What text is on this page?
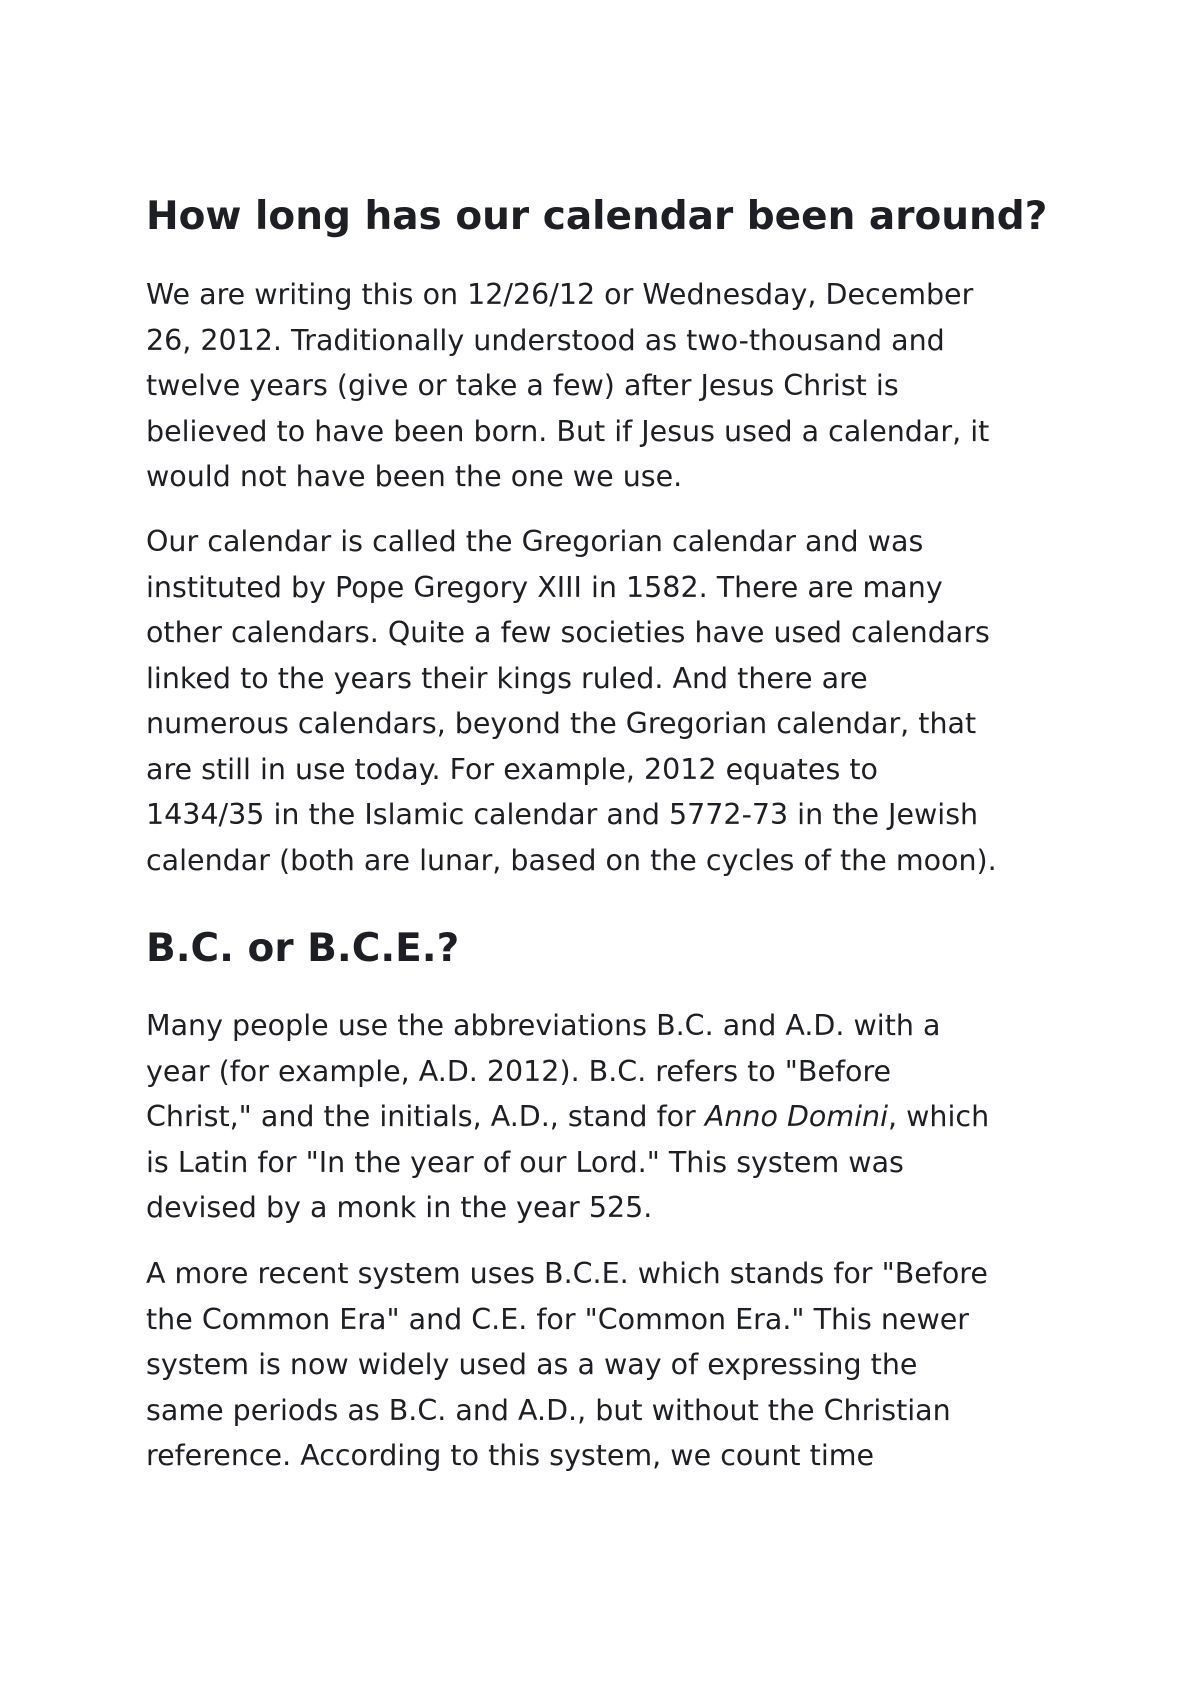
How long has our calendar been around?

We are writing this on 12/26/12 or Wednesday, December
26, 2012. Traditionally understood as two-thousand and
twelve years (give or take a few) after Jesus Christ is
believed to have been born. But if Jesus used a calendar, it
would not have been the one we use.

Our calendar is called the Gregorian calendar and was
instituted by Pope Gregory XIII in 1582. There are many
other calendars. Quite a few societies have used calendars
linked to the years their kings ruled. And there are
numerous calendars, beyond the Gregorian calendar, that
are still in use today. For example, 2012 equates to
1434/35 in the Islamic calendar and 5772-73 in the Jewish
calendar (both are lunar, based on the cycles of the moon).

B.C. or B.C.E.?

Many people use the abbreviations B.C. and A.D. with a
year (for example, A.D. 2012). B.C. refers to "Before
Christ," and the initials, A.D., stand for Anno Domini, which
is Latin for "In the year of our Lord." This system was
devised by a monk in the year 525.

A more recent system uses B.C.E. which stands for "Before
the Common Era" and C.E. for "Common Era." This newer
system is now widely used as a way of expressing the
same periods as B.C. and A.D., but without the Christian
reference. According to this system, we count time
